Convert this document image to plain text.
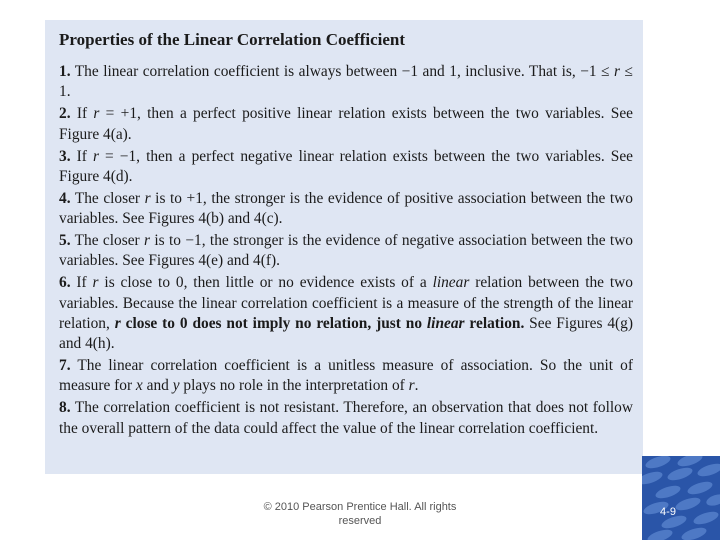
Properties of the Linear Correlation Coefficient
1. The linear correlation coefficient is always between −1 and 1, inclusive. That is, −1 ≤ r ≤ 1.
2. If r = +1, then a perfect positive linear relation exists between the two variables. See Figure 4(a).
3. If r = −1, then a perfect negative linear relation exists between the two variables. See Figure 4(d).
4. The closer r is to +1, the stronger is the evidence of positive association between the two variables. See Figures 4(b) and 4(c).
5. The closer r is to −1, the stronger is the evidence of negative association between the two variables. See Figures 4(e) and 4(f).
6. If r is close to 0, then little or no evidence exists of a linear relation between the two variables. Because the linear correlation coefficient is a measure of the strength of the linear relation, r close to 0 does not imply no relation, just no linear relation. See Figures 4(g) and 4(h).
7. The linear correlation coefficient is a unitless measure of association. So the unit of measure for x and y plays no role in the interpretation of r.
8. The correlation coefficient is not resistant. Therefore, an observation that does not follow the overall pattern of the data could affect the value of the linear correlation coefficient.
© 2010 Pearson Prentice Hall. All rights
reserved
4-9
